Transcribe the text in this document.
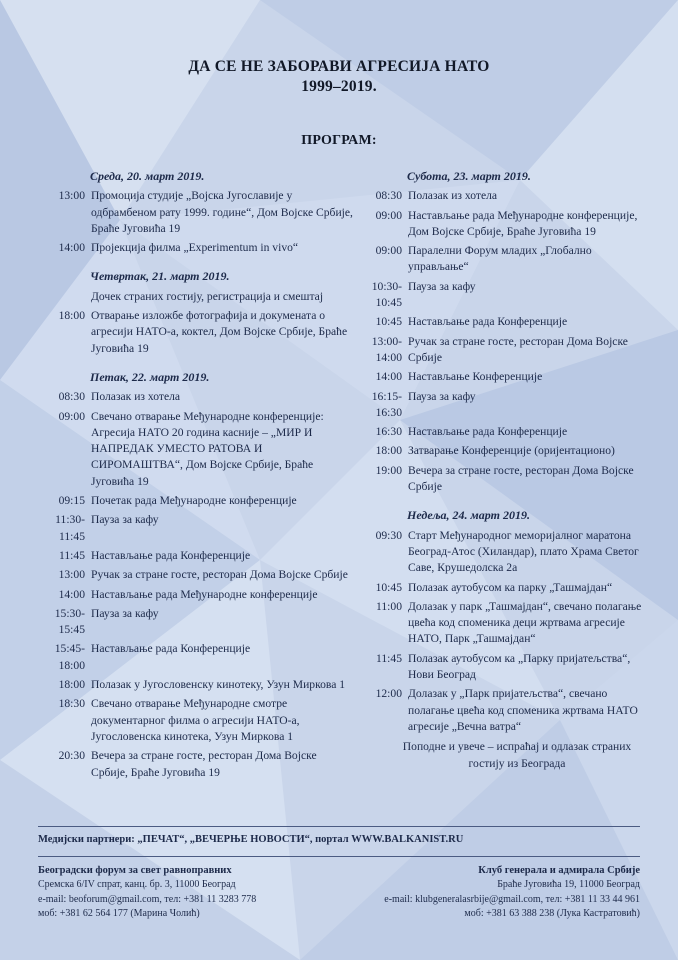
ДА СЕ НЕ ЗАБОРАВИ АГРЕСИЈА НАТО
1999–2019.
ПРОГРАМ:
Среда, 20. март 2019.
13:00 Промоција студије „Војска Југославије у одбрамбеном рату 1999. године“, Дом Војске Србије, Браће Југовића 19
14:00 Пројекција филма „Experimentum in vivo“
Четвртак, 21. март 2019.
Дочек страних гостију, регистрација и смештај
18:00 Отварање изложбе фотографија и докумената о агресији НАТО-а, коктел, Дом Војске Србије, Браће Југовића 19
Петак, 22. март 2019.
08:30 Полазак из хотела
09:00 Свечано отварање Међународне конференције: Агресија НАТО 20 година касније – „МИР И НАПРЕДАК УМЕСТО РАТОВА И СИРОМАШТВА“, Дом Војске Србије, Браће Југовића 19
09:15 Почетак рада Међународне конференције
11:30-11:45
Пауза за кафу
11:45 Настављање рада Конференције
13:00 Ручак за стране госте, ресторан Дома Војске Србије
14:00 Настављање рада Међународне конференције
15:30-15:45
Пауза за кафу
15:45-18:00
Настављање рада Конференције
18:00 Полазак у Југословенску кинотеку, Узун Миркова 1
18:30 Свечано отварање Међународне смотре документарног филма о агресији НАТО-а, Југословенска кинотека, Узун Миркова 1
20:30 Вечера за стране госте, ресторан Дома Војске Србије, Браће Југовића 19
Субота, 23. март 2019.
08:30 Полазак из хотела
09:00 Настављање рада Међународне конференције, Дом Војске Србије, Браће Југовића 19
09:00 Паралелни Форум младих „Глобално управљање“
10:30-10:45
Пауза за кафу
10:45 Настављање рада Конференције
13:00-14:00
Ручак за стране госте, ресторан Дома Војске Србије
14:00 Настављање Конференције
16:15-16:30
Пауза за кафу
16:30 Настављање рада Конференције
18:00 Затварање Конференције (оријентационо)
19:00 Вечера за стране госте, ресторан Дома Војске Србије
Недеља, 24. март 2019.
09:30 Старт Међународног меморијалног маратона Београд-Атос (Хиландар), плато Храма Светог Саве, Крушедолска 2а
10:45 Полазак аутобусом ка парку „Ташмајдан“
11:00 Долазак у парк „Ташмајдан“, свечано полагање цвећа код споменика деци жртвама агресије НАТО, Парк „Ташмајдан“
11:45 Полазак аутобусом ка „Парку пријатељства“, Нови Београд
12:00 Долазак у „Парк пријатељства“, свечано полагање цвећа код споменика жртвама НАТО агресије „Вечна ватра“
Поподне и увече – испраћај и одлазак страних гостију из Београда
Медијски партнери: „ПЕЧАТ“, „ВЕЧЕРЊЕ НОВОСТИ“, портал WWW.BALKANIST.RU
Београдски форум за свет равноправних
Сремска 6/IV спрат, канц. бр. 3, 11000 Београд
e-mail: beoforum@gmail.com, тел: +381 11 3283 778
моб: +381 62 564 177 (Марина Чолић)
Клуб генерала и адмирала Србије
Браће Југовића 19, 11000 Београд
e-mail: klubgeneralasrbije@gmail.com, тел: +381 11 33 44 961
моб: +381 63 388 238 (Лука Кастратовић)
